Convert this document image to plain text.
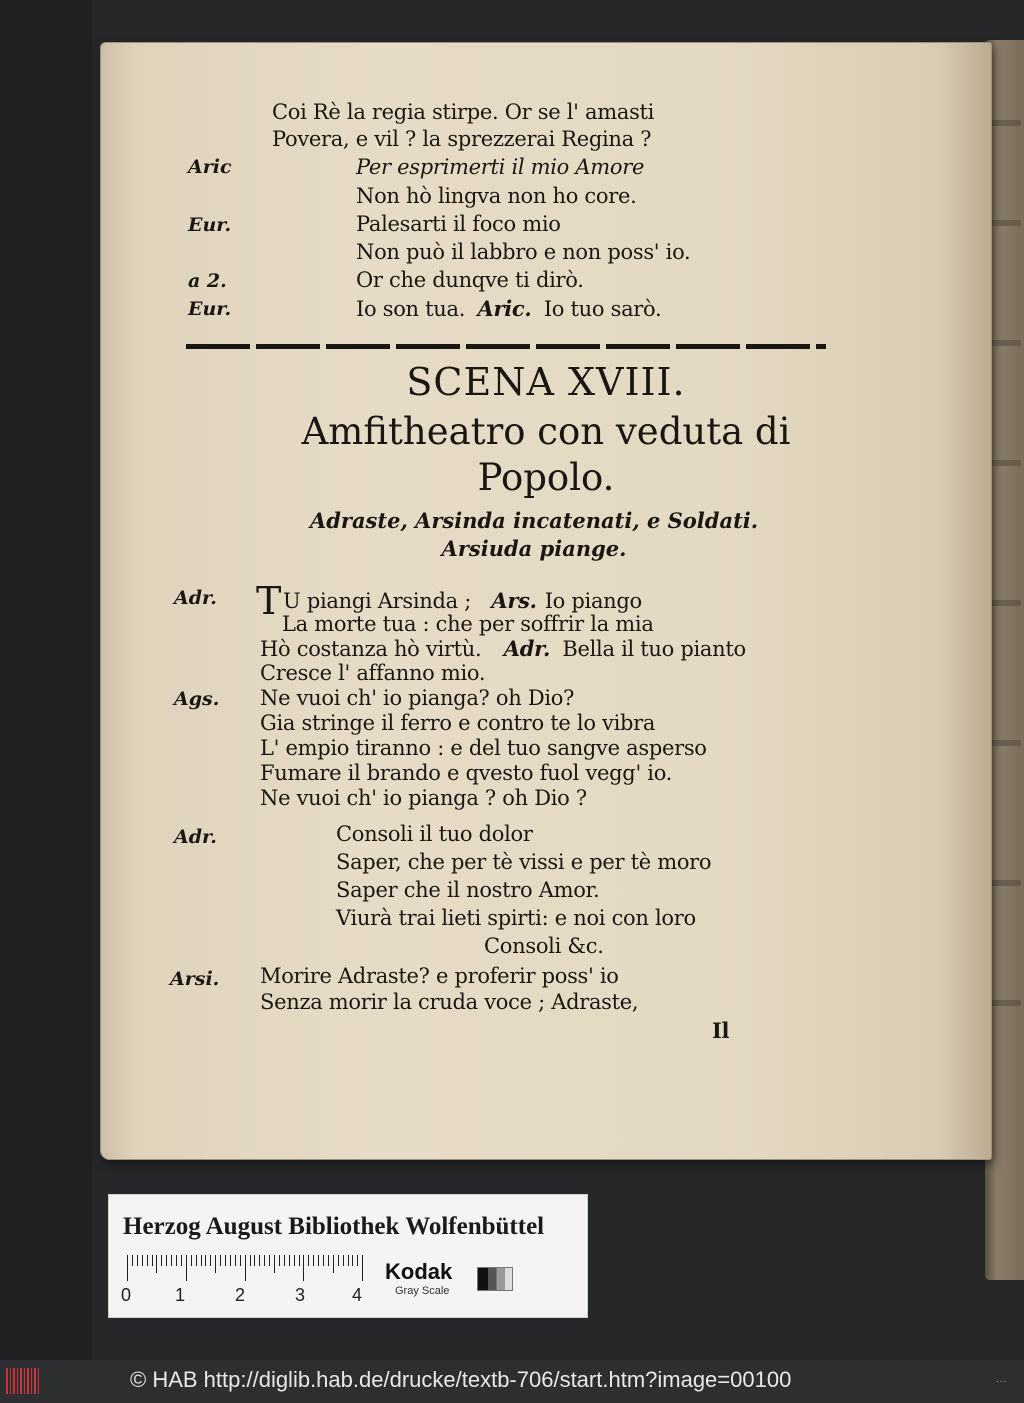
Coi Rè la regia stirpe. Or se l' amasti
Povera, e vil ? la sprezzerai Regina ?
Aric	Per esprimerti il mio Amore
Non hò lingva non ho core.
Eur.	Palesarti il foco mio
Non può il labbro e non poss' io.
a 2.	Or che dunqve ti dirò.
Eur.	Io son tua. Aric. Io tuo sarò.
SCENA XVIII.
Amfitheatro con veduta di
Popolo.
Adraste, Arsinda incatenati, e Soldati.
Arsiuda piange.
Adr. TU piangi Arsinda ; Ars. Io piango
La morte tua : che per soffrir la mia
Hò costanza hò virtù. Adr. Bella il tuo pianto
Cresce l' affanno mio.
Ags. Ne vuoi ch' io pianga? oh Dio?
Gia stringe il ferro e contro te lo vibra
L' empio tiranno : e del tuo sangve asperso
Fumare il brando e qvesto fuol vegg' io.
Ne vuoi ch' io pianga ? oh Dio ?
Adr.	Consoli il tuo dolor
Saper, che per tè vissi e per tè moro
Saper che il nostro Amor.
Viurà trai lieti spirti: e noi con loro
Consoli &c.
Arsi. Morire Adraste? e proferir poss' io
Senza morir la cruda voce ; Adraste,
Il
Herzog August Bibliothek Wolfenbüttel
0 1	2	3	4
Kodak
Gray Scale
© HAB http://diglib.hab.de/drucke/textb-706/start.htm?image=00100	...
